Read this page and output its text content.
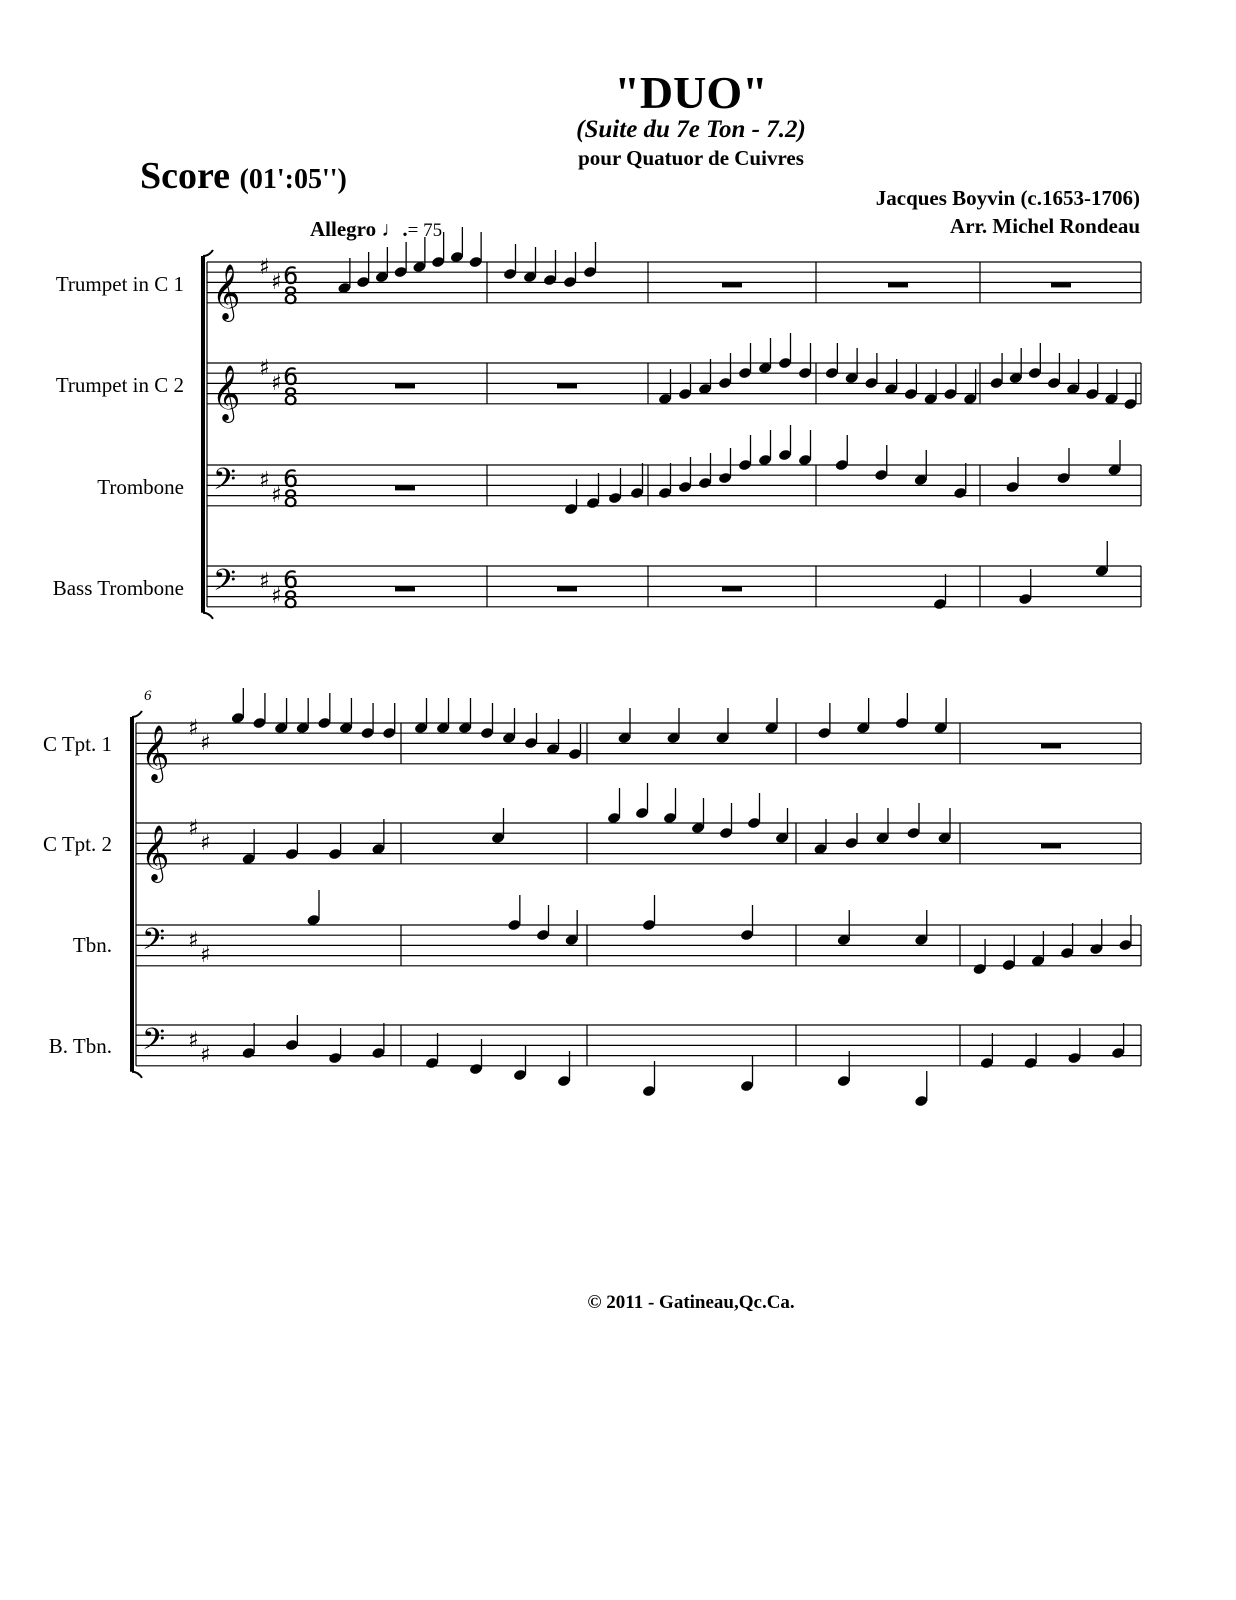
"DUO"
(Suite du 7e Ton - 7.2)
pour Quatuor de Cuivres
Score (01':05'')
Jacques Boyvin (c.1653-1706)
Arr. Michel Rondeau
Allegro ♩.= 75
Trumpet in C 1
Trumpet in C 2
Trombone
Bass Trombone
C Tpt. 1
C Tpt. 2
Tbn.
B. Tbn.
6
𝄞 ♯
♯ 6
8
𝄞 ♯
♯ 6
8
𝄢 ♯
♯
6
8
𝄢 ♯
♯
6
8
𝄞 ♯
♯
𝄞 ♯
♯
𝄢 ♯
♯
𝄢 ♯
♯
© 2011 - Gatineau,Qc.Ca.
